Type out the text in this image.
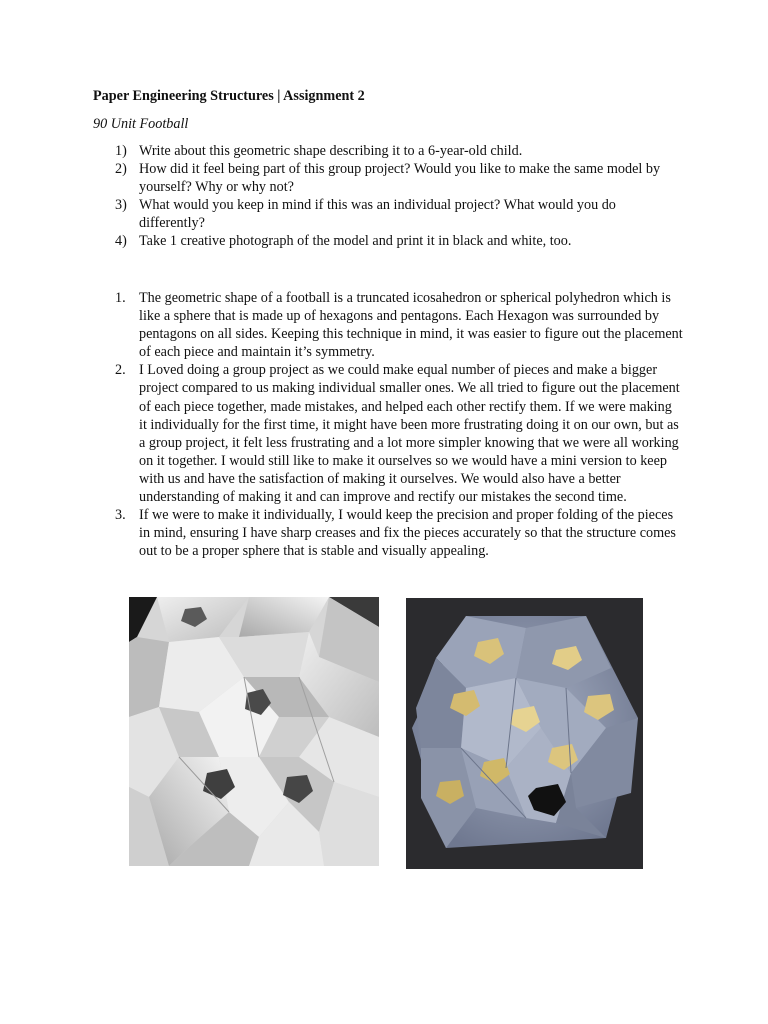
Paper Engineering Structures | Assignment 2
90 Unit Football
1) Write about this geometric shape describing it to a 6-year-old child.
2) How did it feel being part of this group project? Would you like to make the same model by yourself? Why or why not?
3) What would you keep in mind if this was an individual project? What would you do differently?
4) Take 1 creative photograph of the model and print it in black and white, too.
1. The geometric shape of a football is a truncated icosahedron or spherical polyhedron which is like a sphere that is made up of hexagons and pentagons. Each Hexagon was surrounded by pentagons on all sides. Keeping this technique in mind, it was easier to figure out the placement of each piece and maintain it’s symmetry.
2. I Loved doing a group project as we could make equal number of pieces and make a bigger project compared to us making individual smaller ones. We all tried to figure out the placement of each piece together, made mistakes, and helped each other rectify them. If we were making it individually for the first time, it might have been more frustrating doing it on our own, but as a group project, it felt less frustrating and a lot more simpler knowing that we were all working on it together. I would still like to make it ourselves so we would have a mini version to keep with us and have the satisfaction of making it ourselves. We would also have a better understanding of making it and can improve and rectify our mistakes the second time.
3. If we were to make it individually, I would keep the precision and proper folding of the pieces in mind, ensuring I have sharp creases and fix the pieces accurately so that the structure comes out to be a proper sphere that is stable and visually appealing.
